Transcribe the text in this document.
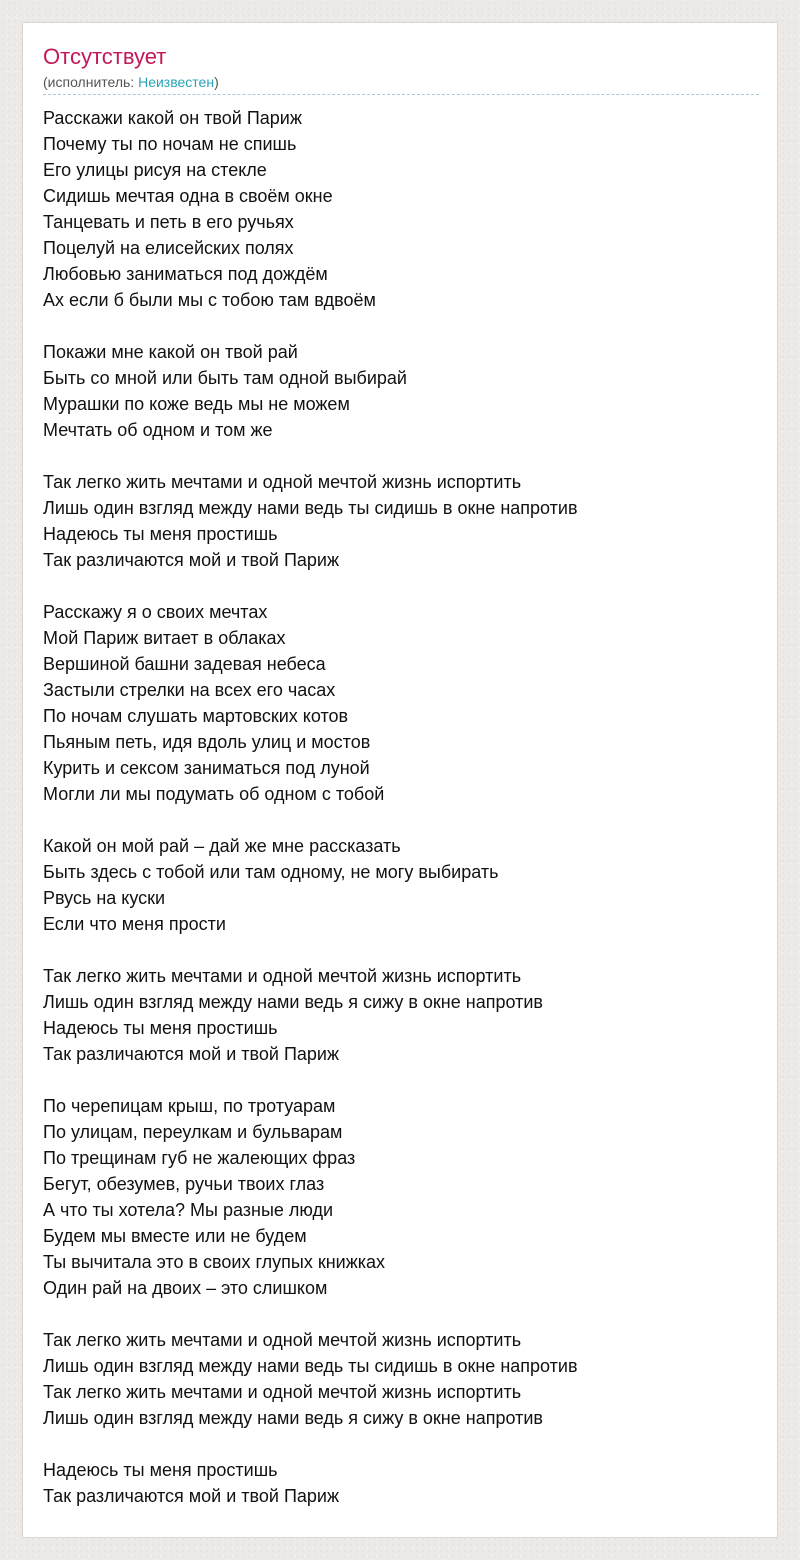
Отсутствует
(исполнитель: Неизвестен)
Расскажи какой он твой Париж
Почему ты по ночам не спишь
Его улицы рисуя на стекле
Сидишь мечтая одна в своём окне
Танцевать и петь в его ручьях
Поцелуй на елисейских полях
Любовью заниматься под дождём
Ах если б были мы с тобою там вдвоём
Покажи мне какой он твой рай
Быть со мной или быть там одной выбирай
Мурашки по коже ведь мы не можем
Мечтать об одном и том же
Так легко жить мечтами и одной мечтой жизнь испортить
Лишь один взгляд между нами ведь ты сидишь в окне напротив
Надеюсь ты меня простишь
Так различаются мой и твой Париж
Расскажу я о своих мечтах
Мой Париж витает в облаках
Вершиной башни задевая небеса
Застыли стрелки на всех его часах
По ночам слушать мартовских котов
Пьяным петь, идя вдоль улиц и мостов
Курить и сексом заниматься под луной
Могли ли мы подумать об одном с тобой
Какой он мой рай – дай же мне рассказать
Быть здесь с тобой или там одному, не могу выбирать
Рвусь на куски
Если что меня прости
Так легко жить мечтами и одной мечтой жизнь испортить
Лишь один взгляд между нами ведь я сижу в окне напротив
Надеюсь ты меня простишь
Так различаются мой и твой Париж
По черепицам крыш, по тротуарам
По улицам, переулкам и бульварам
По трещинам губ не жалеющих фраз
Бегут, обезумев, ручьи твоих глаз
А что ты хотела? Мы разные люди
Будем мы вместе или не будем
Ты вычитала это в своих глупых книжках
Один рай на двоих – это слишком
Так легко жить мечтами и одной мечтой жизнь испортить
Лишь один взгляд между нами ведь ты сидишь в окне напротив
Так легко жить мечтами и одной мечтой жизнь испортить
Лишь один взгляд между нами ведь я сижу в окне напротив
Надеюсь ты меня простишь
Так различаются мой и твой Париж
